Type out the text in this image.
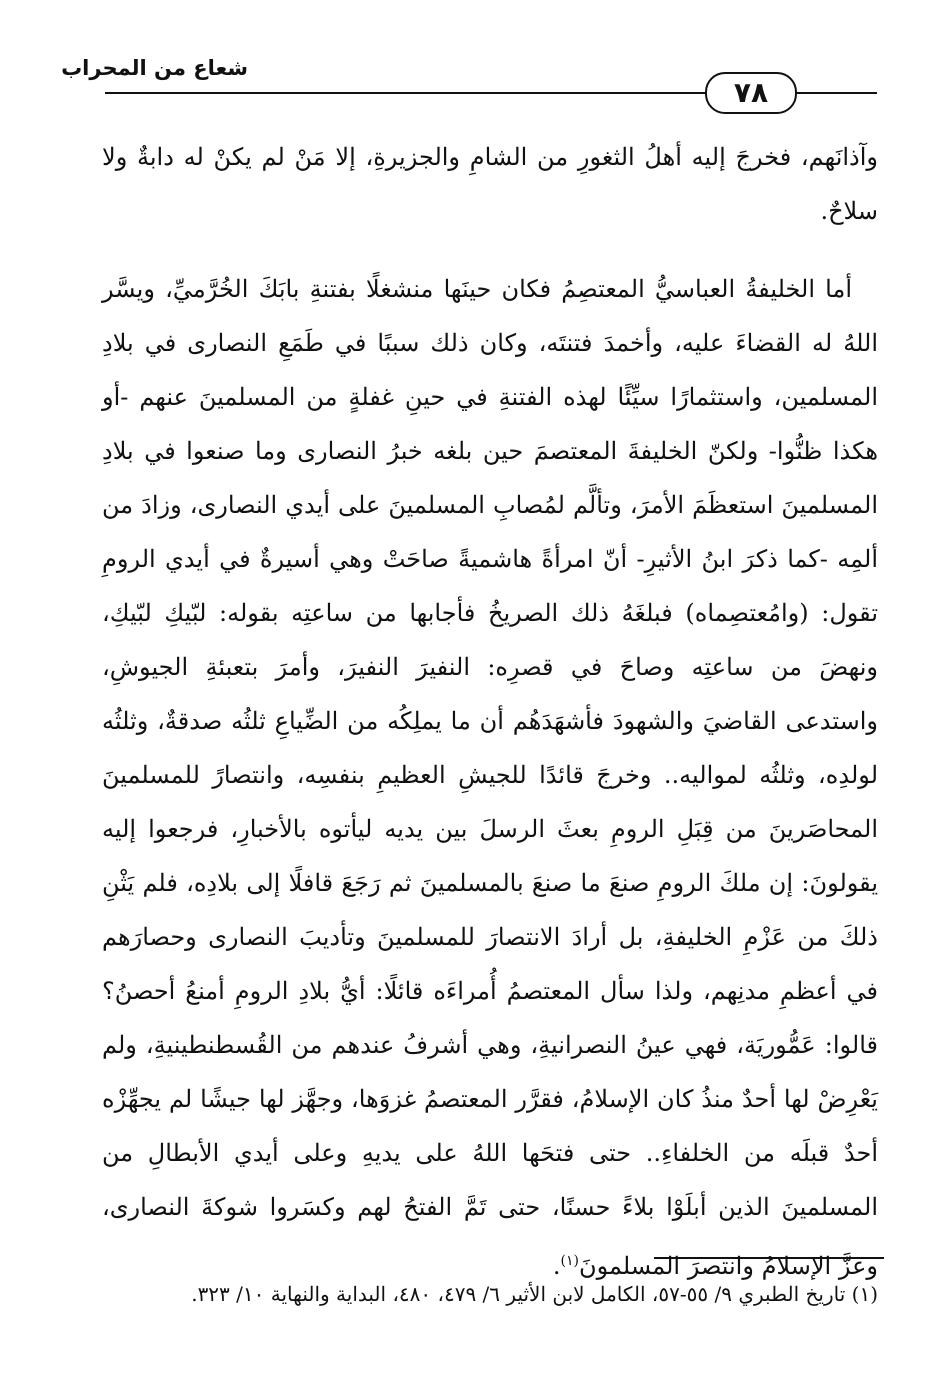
شعاع من المحراب
٧٨

وآذانَهم، فخرجَ إليه أهلُ الثغورِ من الشامِ والجزيرةِ، إلا مَنْ لم يكنْ له دابةٌ ولا سلاحٌ.

أما الخليفةُ العباسيُّ المعتصِمُ فكان حينَها منشغلًا بفتنةِ بابَكَ الخُرَّميِّ، ويسَّر اللهُ له القضاءَ عليه، وأخمدَ فتنتَه، وكان ذلك سببًا في طَمَعِ النصارى في بلادِ المسلمين، واستثمارًا سيِّئًا لهذه الفتنةِ في حينِ غفلةٍ من المسلمينَ عنهم -أو هكذا ظنُّوا- ولكنّ الخليفةَ المعتصمَ حين بلغه خبرُ النصارى وما صنعوا في بلادِ المسلمينَ استعظَمَ الأمرَ، وتألَّم لمُصابِ المسلمينَ على أيدي النصارى، وزادَ من ألمِه -كما ذكرَ ابنُ الأثيرِ- أنّ امرأةً هاشميةً صاحَتْ وهي أسيرةٌ في أيدي الرومِ تقول: (وامُعتصِماه) فبلغَهُ ذلك الصريخُ فأجابها من ساعتِه بقوله: لبّيكِ لبّيكِ، ونهضَ من ساعتِه وصاحَ في قصرِه: النفيرَ النفيرَ، وأمرَ بتعبئةِ الجيوشِ، واستدعى القاضيَ والشهودَ فأشهَدَهُم أن ما يملِكُه من الضِّياعِ ثلثُه صدقةٌ، وثلثُه لولدِه، وثلثُه لمواليه.. وخرجَ قائدًا للجيشِ العظيمِ بنفسِه، وانتصارً للمسلمينَ المحاصَرينَ من قِبَلِ الرومِ بعثَ الرسلَ بين يديه ليأتوه بالأخبارِ، فرجعوا إليه يقولونَ: إن ملكَ الرومِ صنعَ ما صنعَ بالمسلمينَ ثم رَجَعَ قافلًا إلى بلادِه، فلم يَثْنِ ذلكَ من عَزْمِ الخليفةِ، بل أرادَ الانتصارَ للمسلمينَ وتأديبَ النصارى وحصارَهم في أعظمِ مدنِهم، ولذا سأل المعتصمُ أُمراءَه قائلًا: أيُّ بلادِ الرومِ أمنعُ أحصنُ؟ قالوا: عَمُّوريَة، فهي عينُ النصرانيةِ، وهي أشرفُ عندهم من القُسطنطينيةِ، ولم يَعْرِضْ لها أحدٌ منذُ كان الإسلامُ، فقرَّر المعتصمُ غزوَها، وجهَّز لها جيشًا لم يجهِّزْه أحدٌ قبلَه من الخلفاءِ.. حتى فتحَها اللهُ على يديهِ وعلى أيدي الأبطالِ من المسلمينَ الذين أبلَوْا بلاءً حسنًا، حتى تَمَّ الفتحُ لهم وكسَروا شوكةَ النصارى، وعزَّ الإسلامُ وانتصرَ المسلمونَ$^{(١)}$.

(١) تاريخ الطبري ٩/ ٥٥-٥٧، الكامل لابن الأثير ٦/ ٤٧٩، ٤٨٠، البداية والنهاية ١٠/ ٣٢٣.
